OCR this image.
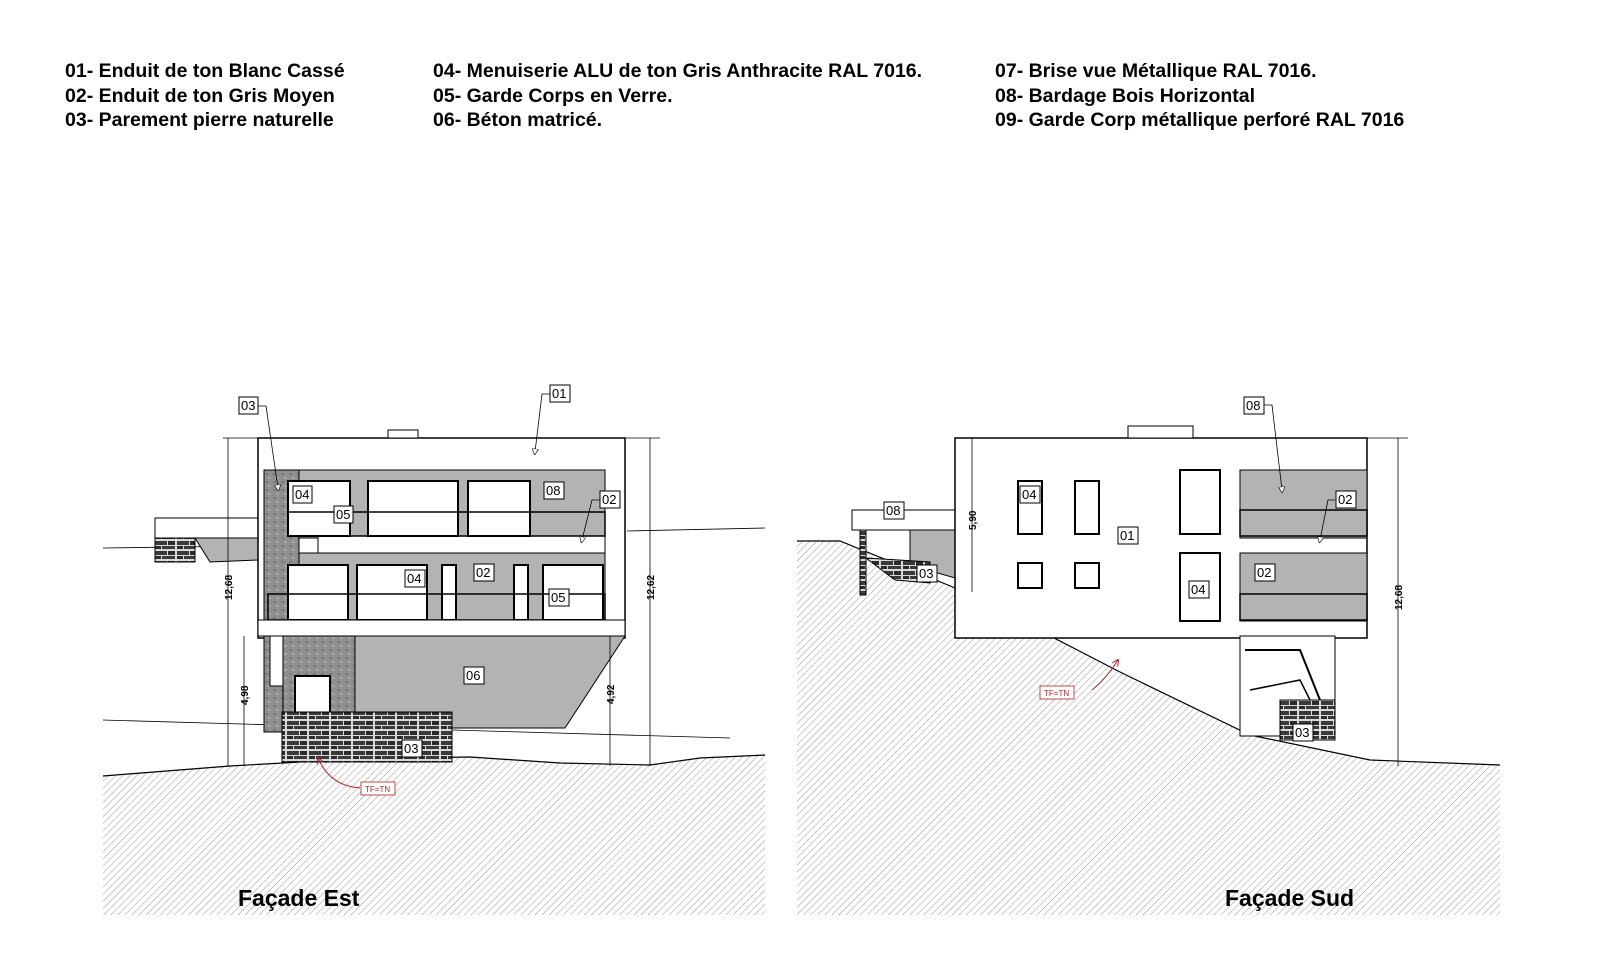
01- Enduit de ton Blanc Cassé
02- Enduit de ton Gris Moyen
03- Parement pierre naturelle
04- Menuiserie ALU de ton Gris Anthracite RAL 7016.
05- Garde Corps en Verre.
06- Béton matricé.
07- Brise vue Métallique RAL 7016.
08- Bardage Bois Horizontal
09- Garde Corp métallique perforé RAL 7016
12,68
4,98	4,92
12,62
03
01
04
05
08
02
04	02
05
06
03
TF=TN
Façade Est
5,90
12,68
08
08
04
01
02
03	02
04
03
TF=TN
Façade Sud
